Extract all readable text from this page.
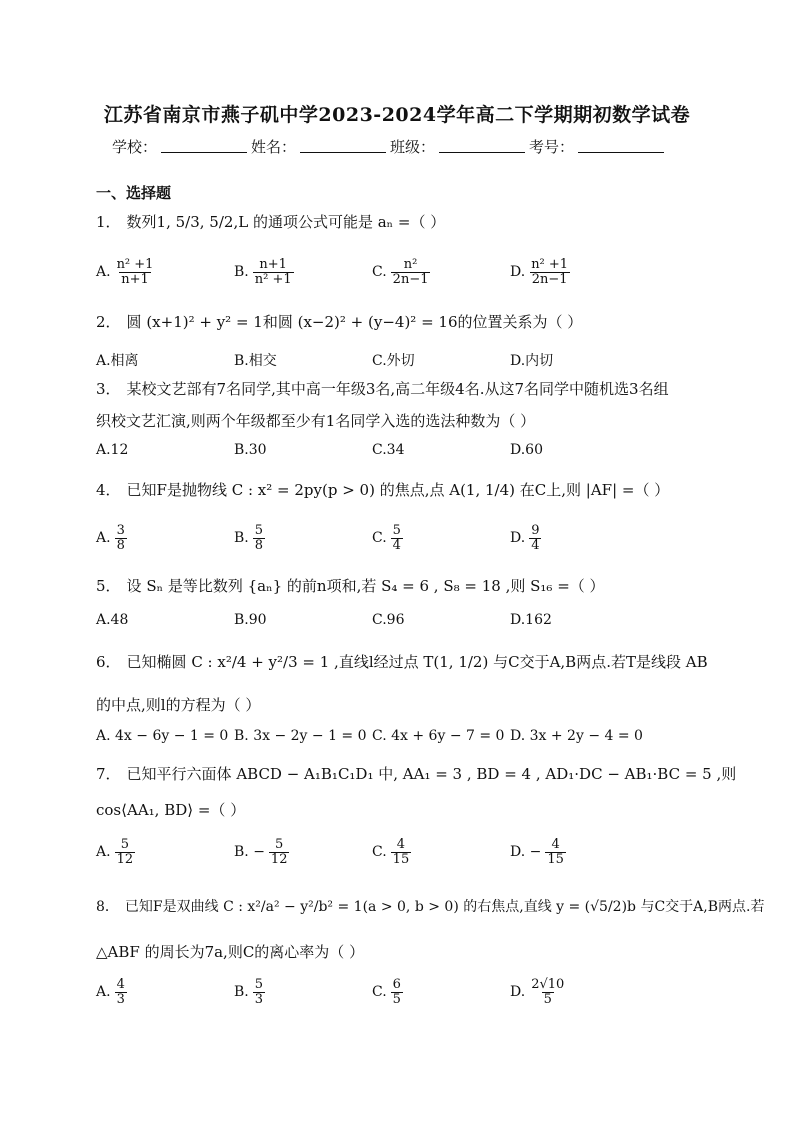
江苏省南京市燕子矶中学2023-2024学年高二下学期期初数学试卷
学校：	姓名：	班级：	考号：
一、选择题
1． 数列1, 5/3, 5/2,L 的通项公式可能是 aₙ =（ ）
A. $\frac{\text{n² +1}}{n+1}$	B. $\frac{n+1}{\text{n² +1}}$	C. $\frac{\text{n²}}{2n-1}$	D. $\frac{\text{n² +1}}{2n-1}$
2． 圆 (x+1)² + y² = 1和圆 (x−2)² + (y−4)² = 16的位置关系为（ ）
A.相离	B.相交	C.外切	D.内切
3． 某校文艺部有7名同学,其中高一年级3名,高二年级4名.从这7名同学中随机选3名组
织校文艺汇演,则两个年级都至少有1名同学入选的选法种数为（ ）
A.12	B.30	C.34	D.60
4． 已知F是抛物线 C : x² = 2py(p > 0) 的焦点,点 A(1, 1/4) 在C上,则 |AF| =（ ）
A. $\frac{3}{8}$	B. $\frac{5}{8}$	C. $\frac{5}{4}$	D. $\frac{9}{4}$
5． 设 Sₙ 是等比数列 {aₙ} 的前n项和,若 S₄ = 6 , S₈ = 18 ,则 S₁₆ =（ ）
A.48	B.90	C.96	D.162
6． 已知椭圆 C : x²/4 + y²/3 = 1 ,直线l经过点 T(1, 1/2) 与C交于A,B两点.若T是线段 AB
的中点,则l的方程为（ ）
A. 4x − 6y − 1 = 0 B. 3x − 2y − 1 = 0 C. 4x + 6y − 7 = 0 D. 3x + 2y − 4 = 0
7． 已知平行六面体 ABCD − A₁B₁C₁D₁ 中, AA₁ = 3 , BD = 4 , AD₁·DC − AB₁·BC = 5 ,则
cos⟨AA₁, BD⟩ =（ ）
A. $\frac{5}{12}$	B. − $\frac{5}{12}$	C. $\frac{4}{15}$	D. − $\frac{4}{15}$
8． 已知F是双曲线 C : x²/a² − y²/b² = 1(a > 0, b > 0) 的右焦点,直线 y = (√5/2)b 与C交于A,B两点.若
△ABF 的周长为7a,则C的离心率为（ ）
A. $\frac{4}{3}$	B. $\frac{5}{3}$	C. $\frac{6}{5}$	D. $\frac{2√10}{5}$
